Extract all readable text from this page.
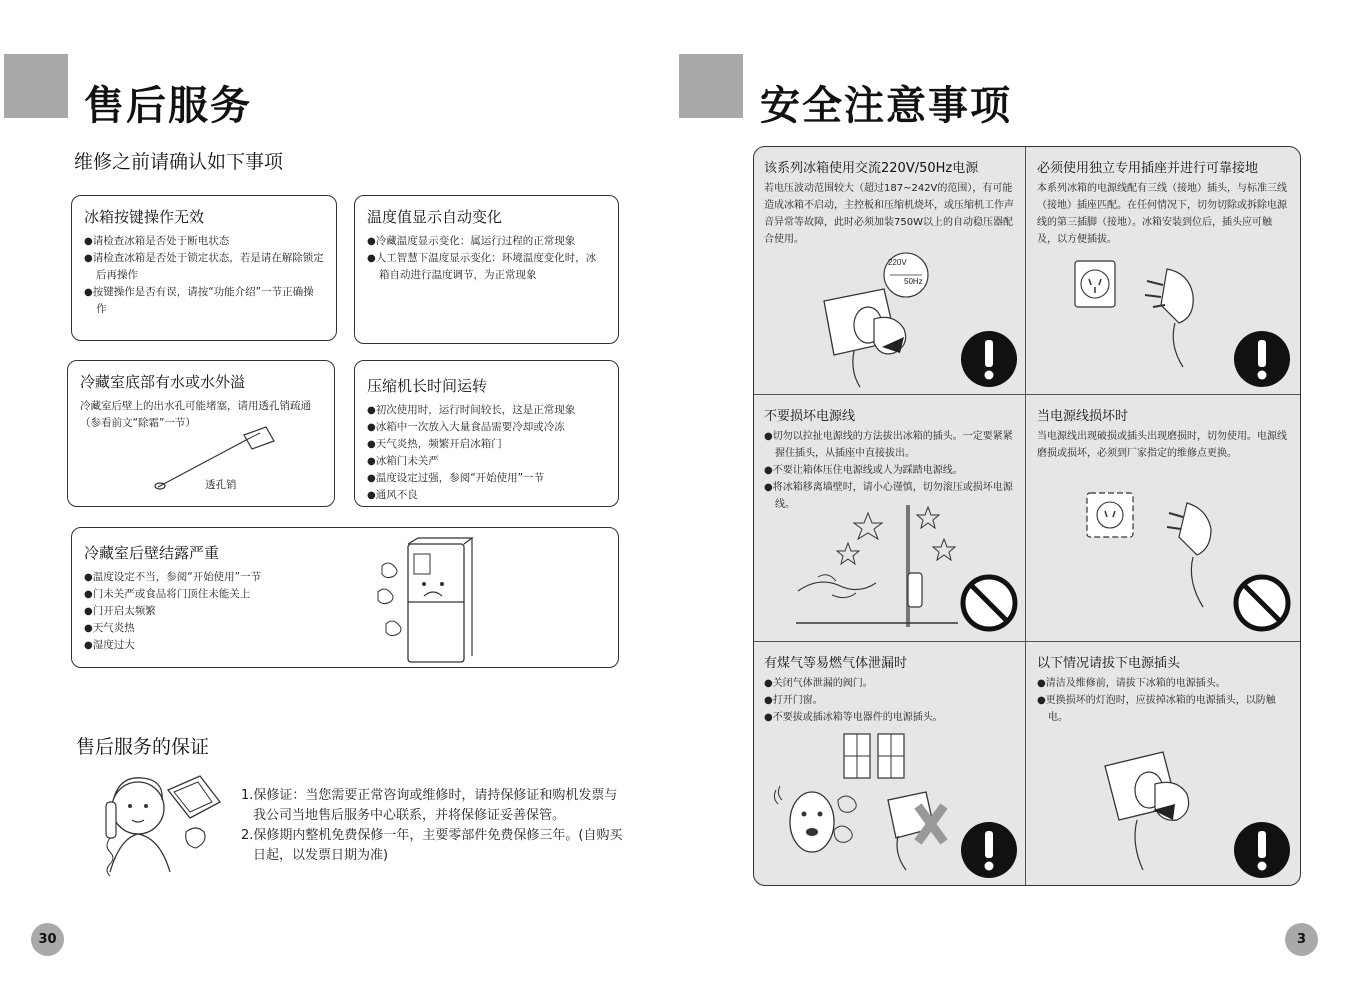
售后服务
维修之前请确认如下事项
冰箱按键操作无效
● 请检查冰箱是否处于断电状态
● 请检查冰箱是否处于锁定状态，若是请在解除锁定后再操作
● 按键操作是否有误，请按“功能介绍”一节正确操作
温度值显示自动变化
● 冷藏温度显示变化：属运行过程的正常现象
● 人工智慧下温度显示变化：环境温度变化时，冰箱自动进行温度调节，为正常现象
冷藏室底部有水或水外溢

冷藏室后壁上的出水孔可能堵塞，请用透孔销疏通（参看前文“除霜”一节）

透孔销
压缩机长时间运转
● 初次使用时，运行时间较长，这是正常现象
● 冰箱中一次放入大量食品需要冷却或冷冻
● 天气炎热，频繁开启冰箱门
● 冰箱门未关严
● 温度设定过强，参阅“开始使用”一节
● 通风不良
冷藏室后壁结露严重
● 温度设定不当，参阅“开始使用”一节
● 门未关严或食品将门顶住未能关上
● 门开启太频繁
● 天气炎热
● 湿度过大
售后服务的保证
1.保修证：当您需要正常咨询或维修时，请持保修证和购机发票与我公司当地售后服务中心联系，并将保修证妥善保管。
2.保修期内整机免费保修一年，主要零部件免费保修三年。(自购买日起，以发票日期为准)
30
安全注意事项
该系列冰箱使用交流220V/50Hz电源

若电压波动范围较大（超过187~242V的范围），有可能造成冰箱不启动，主控板和压缩机烧坏，或压缩机工作声音异常等故障，此时必须加装750W以上的自动稳压器配合使用。

220V
50Hz
必须使用独立专用插座并进行可靠接地

本系列冰箱的电源线配有三线（接地）插头，与标准三线（接地）插座匹配。在任何情况下，切勿切除或拆除电源线的第三插脚（接地）。冰箱安装到位后，插头应可触及，以方便插拔。

不要损坏电源线
● 切勿以拉扯电源线的方法拔出冰箱的插头。一定要紧紧握住插头，从插座中直接拔出。
● 不要让箱体压住电源线或人为踩踏电源线。
● 将冰箱移离墙壁时，请小心谨慎，切勿滚压或损坏电源线。
当电源线损坏时

当电源线出现破损或插头出现磨损时，切勿使用。电源线磨损或损坏，必须到厂家指定的维修点更换。

有煤气等易燃气体泄漏时
● 关闭气体泄漏的阀门。
● 打开门窗。
● 不要拔或插冰箱等电器件的电源插头。
以下情况请拔下电源插头
● 清洁及维修前，请拔下冰箱的电源插头。
● 更换损坏的灯泡时，应拔掉冰箱的电源插头，以防触电。
3
